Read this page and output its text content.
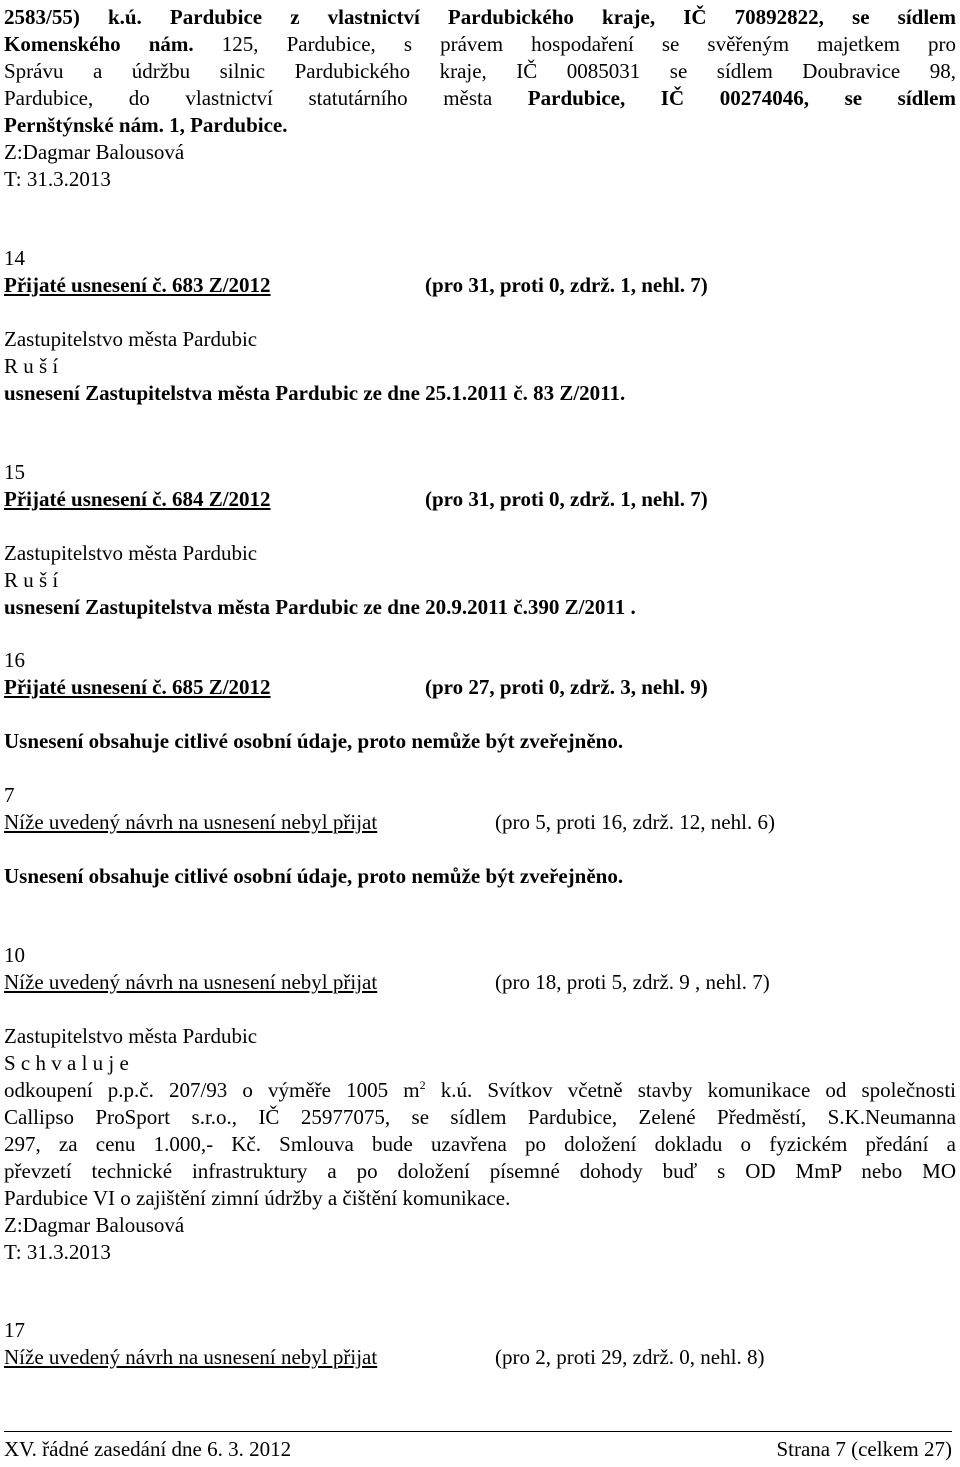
2583/55) k.ú. Pardubice z vlastnictví Pardubického kraje, IČ 70892822, se sídlem
Komenského nám. 125, Pardubice, s právem hospodaření se svěřeným majetkem pro
Správu a údržbu silnic Pardubického kraje, IČ 0085031 se sídlem Doubravice 98,
Pardubice, do vlastnictví statutárního města Pardubice, IČ 00274046, se sídlem
Pernštýnské nám. 1, Pardubice.
Z:Dagmar Balousová
T: 31.3.2013
14
Přijaté usnesení č. 683 Z/2012	(pro 31, proti 0, zdrž. 1, nehl. 7)
Zastupitelstvo města Pardubic
R u š í
usnesení Zastupitelstva města Pardubic ze dne 25.1.2011 č. 83 Z/2011.
15
Přijaté usnesení č. 684 Z/2012	(pro 31, proti 0, zdrž. 1, nehl. 7)
Zastupitelstvo města Pardubic
R u š í
usnesení Zastupitelstva města Pardubic ze dne 20.9.2011 č.390 Z/2011 .
16
Přijaté usnesení č. 685 Z/2012	(pro 27, proti 0, zdrž. 3, nehl. 9)
Usnesení obsahuje citlivé osobní údaje, proto nemůže být zveřejněno.
7
Níže uvedený návrh na usnesení nebyl přijat	(pro 5, proti 16, zdrž. 12, nehl. 6)
Usnesení obsahuje citlivé osobní údaje, proto nemůže být zveřejněno.
10
Níže uvedený návrh na usnesení nebyl přijat	(pro 18, proti 5, zdrž. 9 , nehl. 7)
Zastupitelstvo města Pardubic
S c h v a l u j e
odkoupení p.p.č. 207/93 o výměře 1005 $m^2$ k.ú. Svítkov včetně stavby komunikace od společnosti
Callipso ProSport s.r.o., IČ 25977075, se sídlem Pardubice, Zelené Předměstí, S.K.Neumanna
297, za cenu 1.000,- Kč. Smlouva bude uzavřena po doložení dokladu o fyzickém předání a
převzetí technické infrastruktury a po doložení písemné dohody buď s OD MmP nebo MO
Pardubice VI o zajištění zimní údržby a čištění komunikace.
Z:Dagmar Balousová
T: 31.3.2013
17
Níže uvedený návrh na usnesení nebyl přijat	(pro 2, proti 29, zdrž. 0, nehl. 8)
XV. řádné zasedání dne 6. 3. 2012	Strana 7 (celkem 27)
